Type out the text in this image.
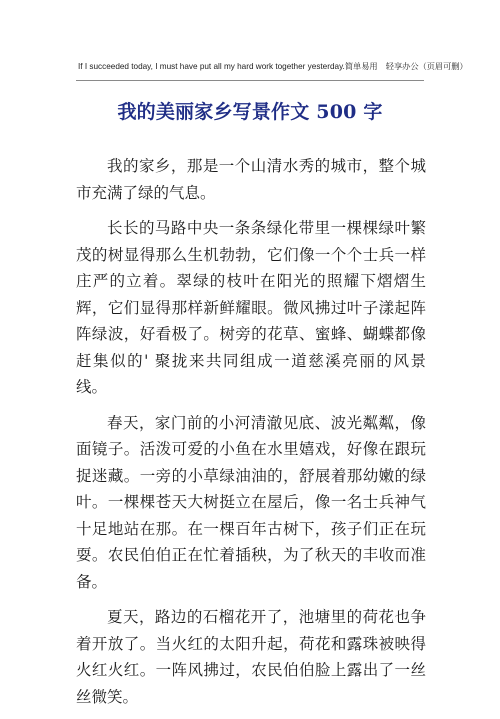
If I succeeded today, I must have put all my hard work together yesterday.简单易用　轻享办公（页眉可删）
我的美丽家乡写景作文 500 字

我的家乡，那是一个山清水秀的城市，整个城市充满了绿的气息。

长长的马路中央一条条绿化带里一棵棵绿叶繁茂的树显得那么生机勃勃，它们像一个个士兵一样庄严的立着。翠绿的枝叶在阳光的照耀下熠熠生辉，它们显得那样新鲜耀眼。微风拂过叶子漾起阵阵绿波，好看极了。树旁的花草、蜜蜂、蝴蝶都像赶集似的' 聚拢来共同组成一道慈溪亮丽的风景线。

春天，家门前的小河清澈见底、波光粼粼，像面镜子。活泼可爱的小鱼在水里嬉戏，好像在跟玩捉迷藏。一旁的小草绿油油的，舒展着那幼嫩的绿叶。一棵棵苍天大树挺立在屋后，像一名士兵神气十足地站在那。在一棵百年古树下，孩子们正在玩耍。农民伯伯正在忙着插秧，为了秋天的丰收而准备。

夏天，路边的石榴花开了，池塘里的荷花也争着开放了。当火红的太阳升起，荷花和露珠被映得火红火红。一阵风拂过，农民伯伯脸上露出了一丝丝微笑。
